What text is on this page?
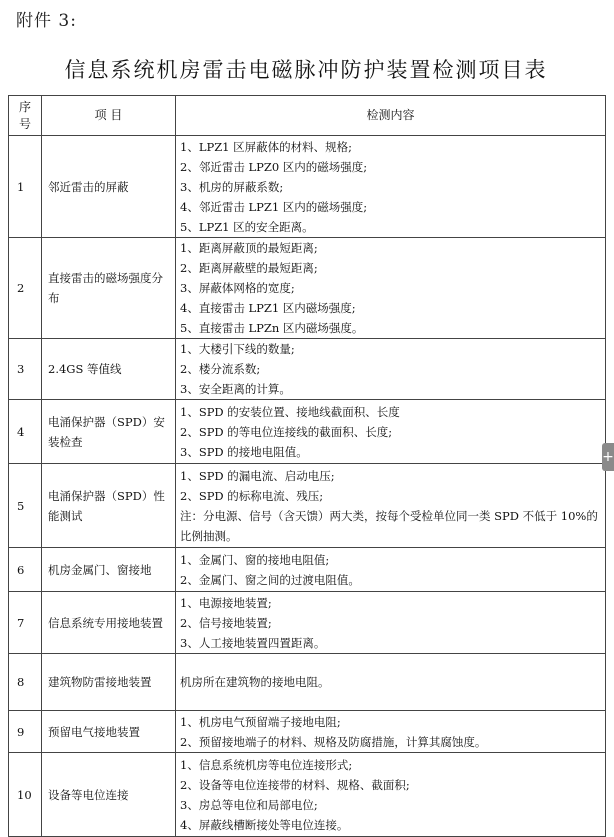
附件 3:
信息系统机房雷击电磁脉冲防护装置检测项目表
序
号	项 目	检测内容
1	邻近雷击的屏蔽	1、LPZ1 区屏蔽体的材料、规格;
2、邻近雷击 LPZ0 区内的磁场强度;
3、机房的屏蔽系数;
4、邻近雷击 LPZ1 区内的磁场强度;
5、LPZ1 区的安全距离。

2	直接雷击的磁场强度分布	1、距离屏蔽顶的最短距离;
2、距离屏蔽壁的最短距离;
3、屏蔽体网格的宽度;
4、直接雷击 LPZ1 区内磁场强度;
5、直接雷击 LPZn 区内磁场强度。

3	2.4GS 等值线	1、大楼引下线的数量;
2、楼分流系数;
3、安全距离的计算。

4	电涌保护器（SPD）安装检查	1、SPD 的安装位置、接地线截面积、长度
2、SPD 的等电位连接线的截面积、长度;
3、SPD 的接地电阻值。

5	电涌保护器（SPD）性能测试	1、SPD 的漏电流、启动电压;
2、SPD 的标称电流、残压;
注：分电源、信号（含天馈）两大类，按每个受检单位同一类 SPD 不低于 10%的比例抽测。

6	机房金属门、窗接地	1、金属门、窗的接地电阻值;
2、金属门、窗之间的过渡电阻值。

7	信息系统专用接地装置	1、电源接地装置;
2、信号接地装置;
3、人工接地装置四置距离。

8	建筑物防雷接地装置	机房所在建筑物的接地电阻。

9	预留电气接地装置	1、机房电气预留端子接地电阻;
2、预留接地端子的材料、规格及防腐措施，计算其腐蚀度。

10	设备等电位连接	1、信息系统机房等电位连接形式;
2、设备等电位连接带的材料、规格、截面积;
3、房总等电位和局部电位;
4、屏蔽线槽断接处等电位连接。
+
